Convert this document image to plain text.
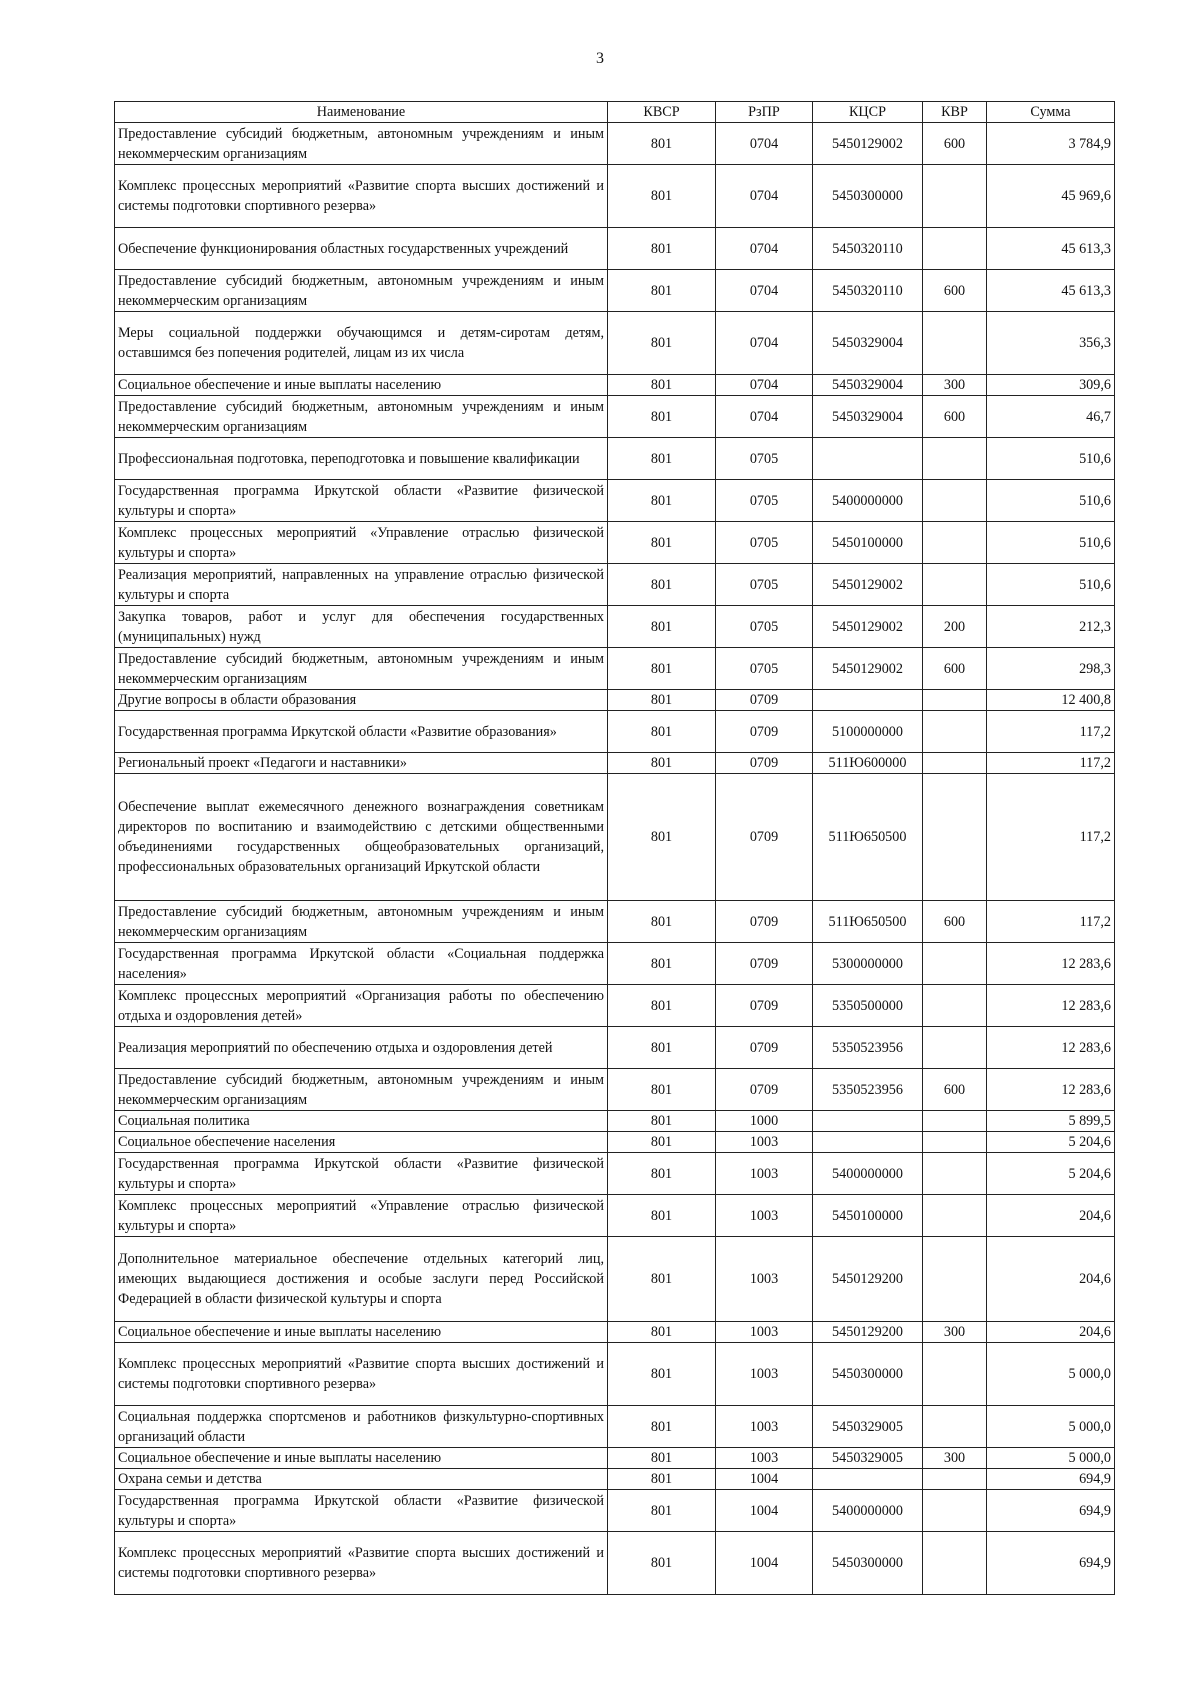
3
Наименование	КВСР	РзПР	КЦСР	КВР	Сумма
Предоставление субсидий бюджетным, автономным учреждениям и иным некоммерческим организациям	801	0704	5450129002	600	3 784,9
Комплекс процессных мероприятий «Развитие спорта высших достижений и системы подготовки спортивного резерва»	801	0704	5450300000		45 969,6
Обеспечение функционирования областных государственных учреждений	801	0704	5450320110		45 613,3
Предоставление субсидий бюджетным, автономным учреждениям и иным некоммерческим организациям	801	0704	5450320110	600	45 613,3
Меры социальной поддержки обучающимся и детям-сиротам детям, оставшимся без попечения родителей, лицам из их числа	801	0704	5450329004		356,3
Социальное обеспечение и иные выплаты населению	801	0704	5450329004	300	309,6
Предоставление субсидий бюджетным, автономным учреждениям и иным некоммерческим организациям	801	0704	5450329004	600	46,7
Профессиональная подготовка, переподготовка и повышение квалификации	801	0705			510,6
Государственная программа Иркутской области «Развитие физической культуры и спорта»	801	0705	5400000000		510,6
Комплекс процессных мероприятий «Управление отраслью физической культуры и спорта»	801	0705	5450100000		510,6
Реализация мероприятий, направленных на управление отраслью физической культуры и спорта	801	0705	5450129002		510,6
Закупка товаров, работ и услуг для обеспечения государственных (муниципальных) нужд	801	0705	5450129002	200	212,3
Предоставление субсидий бюджетным, автономным учреждениям и иным некоммерческим организациям	801	0705	5450129002	600	298,3
Другие вопросы в области образования	801	0709			12 400,8
Государственная программа Иркутской области «Развитие образования»	801	0709	5100000000		117,2
Региональный проект «Педагоги и наставники»	801	0709	511Ю600000		117,2
Обеспечение выплат ежемесячного денежного вознаграждения советникам директоров по воспитанию и взаимодействию с детскими общественными объединениями государственных общеобразовательных организаций, профессиональных образовательных организаций Иркутской области	801	0709	511Ю650500		117,2
Предоставление субсидий бюджетным, автономным учреждениям и иным некоммерческим организациям	801	0709	511Ю650500	600	117,2
Государственная программа Иркутской области «Социальная поддержка населения»	801	0709	5300000000		12 283,6
Комплекс процессных мероприятий «Организация работы по обеспечению отдыха и оздоровления детей»	801	0709	5350500000		12 283,6
Реализация мероприятий по обеспечению отдыха и оздоровления детей	801	0709	5350523956		12 283,6
Предоставление субсидий бюджетным, автономным учреждениям и иным некоммерческим организациям	801	0709	5350523956	600	12 283,6
Социальная политика	801	1000			5 899,5
Социальное обеспечение населения	801	1003			5 204,6
Государственная программа Иркутской области «Развитие физической культуры и спорта»	801	1003	5400000000		5 204,6
Комплекс процессных мероприятий «Управление отраслью физической культуры и спорта»	801	1003	5450100000		204,6
Дополнительное материальное обеспечение отдельных категорий лиц, имеющих выдающиеся достижения и особые заслуги перед Российской Федерацией в области физической культуры и спорта	801	1003	5450129200		204,6
Социальное обеспечение и иные выплаты населению	801	1003	5450129200	300	204,6
Комплекс процессных мероприятий «Развитие спорта высших достижений и системы подготовки спортивного резерва»	801	1003	5450300000		5 000,0
Социальная поддержка спортсменов и работников физкультурно-спортивных организаций области	801	1003	5450329005		5 000,0
Социальное обеспечение и иные выплаты населению	801	1003	5450329005	300	5 000,0
Охрана семьи и детства	801	1004			694,9
Государственная программа Иркутской области «Развитие физической культуры и спорта»	801	1004	5400000000		694,9
Комплекс процессных мероприятий «Развитие спорта высших достижений и системы подготовки спортивного резерва»	801	1004	5450300000		694,9
